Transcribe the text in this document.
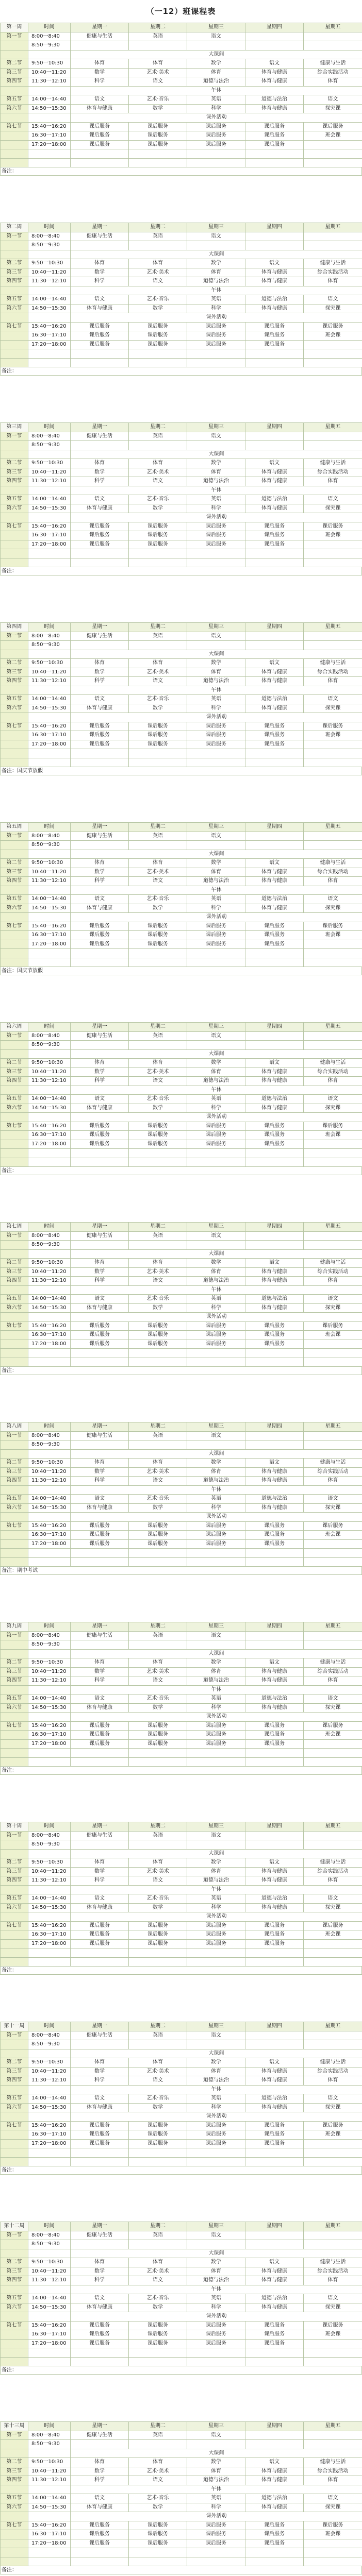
（一12）班课程表
第一周	时间	星期一	星期二	星期三	星期四	星期五
第一节	8:00一8:40	健康与生活	英语	语文		
	8:50一9:30					
		大课间				
第二节	9:50一10:30	体育	体育	数学	语文	健康与生活
第三节	10:40一11:20	数学	艺术·美术	体育	体育与健康	综合实践活动
第四节	11:30一12:10	科学	语文	道德与法治	体育与健康	体育
		午休				
第五节	14:00一14:40	语文	艺术·音乐	英语	道德与法治	语文
第六节	14:50一15:30	体育与健康	数学	科学	体育与健康	探究课
		课外活动				
第七节	15:40一16:20	课后服务	课后服务	课后服务	课后服务	课后服务
	16:30一17:10	课后服务	课后服务	课后服务	课后服务	班会课
	17:20一18:00	课后服务	课后服务	课后服务	课后服务	

备注：
第二周	时间	星期一	星期二	星期三	星期四	星期五
第一节	8:00一8:40	健康与生活	英语	语文		
	8:50一9:30					
		大课间				
第二节	9:50一10:30	体育	体育	数学	语文	健康与生活
第三节	10:40一11:20	数学	艺术·美术	体育	体育与健康	综合实践活动
第四节	11:30一12:10	科学	语文	道德与法治	体育与健康	体育
		午休				
第五节	14:00一14:40	语文	艺术·音乐	英语	道德与法治	语文
第六节	14:50一15:30	体育与健康	数学	科学	体育与健康	探究课
		课外活动				
第七节	15:40一16:20	课后服务	课后服务	课后服务	课后服务	课后服务
	16:30一17:10	课后服务	课后服务	课后服务	课后服务	班会课
	17:20一18:00	课后服务	课后服务	课后服务	课后服务	

备注：
第三周	时间	星期一	星期二	星期三	星期四	星期五
第一节	8:00一8:40	健康与生活	英语	语文		
	8:50一9:30					
		大课间				
第二节	9:50一10:30	体育	体育	数学	语文	健康与生活
第三节	10:40一11:20	数学	艺术·美术	体育	体育与健康	综合实践活动
第四节	11:30一12:10	科学	语文	道德与法治	体育与健康	体育
		午休				
第五节	14:00一14:40	语文	艺术·音乐	英语	道德与法治	语文
第六节	14:50一15:30	体育与健康	数学	科学	体育与健康	探究课
		课外活动				
第七节	15:40一16:20	课后服务	课后服务	课后服务	课后服务	课后服务
	16:30一17:10	课后服务	课后服务	课后服务	课后服务	班会课
	17:20一18:00	课后服务	课后服务	课后服务	课后服务	

备注：
第四周	时间	星期一	星期二	星期三	星期四	星期五
第一节	8:00一8:40	健康与生活	英语	语文		
	8:50一9:30					
		大课间				
第二节	9:50一10:30	体育	体育	数学	语文	健康与生活
第三节	10:40一11:20	数学	艺术·美术	体育	体育与健康	综合实践活动
第四节	11:30一12:10	科学	语文	道德与法治	体育与健康	体育
		午休				
第五节	14:00一14:40	语文	艺术·音乐	英语	道德与法治	语文
第六节	14:50一15:30	体育与健康	数学	科学	体育与健康	探究课
		课外活动				
第七节	15:40一16:20	课后服务	课后服务	课后服务	课后服务	课后服务
	16:30一17:10	课后服务	课后服务	课后服务	课后服务	班会课
	17:20一18:00	课后服务	课后服务	课后服务	课后服务	

备注：国庆节放假
第五周	时间	星期一	星期二	星期三	星期四	星期五
第一节	8:00一8:40	健康与生活	英语	语文		
	8:50一9:30					
		大课间				
第二节	9:50一10:30	体育	体育	数学	语文	健康与生活
第三节	10:40一11:20	数学	艺术·美术	体育	体育与健康	综合实践活动
第四节	11:30一12:10	科学	语文	道德与法治	体育与健康	体育
		午休				
第五节	14:00一14:40	语文	艺术·音乐	英语	道德与法治	语文
第六节	14:50一15:30	体育与健康	数学	科学	体育与健康	探究课
		课外活动				
第七节	15:40一16:20	课后服务	课后服务	课后服务	课后服务	课后服务
	16:30一17:10	课后服务	课后服务	课后服务	课后服务	班会课
	17:20一18:00	课后服务	课后服务	课后服务	课后服务	

备注：国庆节放假
第六周	时间	星期一	星期二	星期三	星期四	星期五
第一节	8:00一8:40	健康与生活	英语	语文		
	8:50一9:30					
		大课间				
第二节	9:50一10:30	体育	体育	数学	语文	健康与生活
第三节	10:40一11:20	数学	艺术·美术	体育	体育与健康	综合实践活动
第四节	11:30一12:10	科学	语文	道德与法治	体育与健康	体育
		午休				
第五节	14:00一14:40	语文	艺术·音乐	英语	道德与法治	语文
第六节	14:50一15:30	体育与健康	数学	科学	体育与健康	探究课
		课外活动				
第七节	15:40一16:20	课后服务	课后服务	课后服务	课后服务	课后服务
	16:30一17:10	课后服务	课后服务	课后服务	课后服务	班会课
	17:20一18:00	课后服务	课后服务	课后服务	课后服务	

备注：
第七周	时间	星期一	星期二	星期三	星期四	星期五
第一节	8:00一8:40	健康与生活	英语	语文		
	8:50一9:30					
		大课间				
第二节	9:50一10:30	体育	体育	数学	语文	健康与生活
第三节	10:40一11:20	数学	艺术·美术	体育	体育与健康	综合实践活动
第四节	11:30一12:10	科学	语文	道德与法治	体育与健康	体育
		午休				
第五节	14:00一14:40	语文	艺术·音乐	英语	道德与法治	语文
第六节	14:50一15:30	体育与健康	数学	科学	体育与健康	探究课
		课外活动				
第七节	15:40一16:20	课后服务	课后服务	课后服务	课后服务	课后服务
	16:30一17:10	课后服务	课后服务	课后服务	课后服务	班会课
	17:20一18:00	课后服务	课后服务	课后服务	课后服务	

备注：
第八周	时间	星期一	星期二	星期三	星期四	星期五
第一节	8:00一8:40	健康与生活	英语	语文		
	8:50一9:30					
		大课间				
第二节	9:50一10:30	体育	体育	数学	语文	健康与生活
第三节	10:40一11:20	数学	艺术·美术	体育	体育与健康	综合实践活动
第四节	11:30一12:10	科学	语文	道德与法治	体育与健康	体育
		午休				
第五节	14:00一14:40	语文	艺术·音乐	英语	道德与法治	语文
第六节	14:50一15:30	体育与健康	数学	科学	体育与健康	探究课
		课外活动				
第七节	15:40一16:20	课后服务	课后服务	课后服务	课后服务	课后服务
	16:30一17:10	课后服务	课后服务	课后服务	课后服务	班会课
	17:20一18:00	课后服务	课后服务	课后服务	课后服务	

备注：期中考试
第九周	时间	星期一	星期二	星期三	星期四	星期五
第一节	8:00一8:40	健康与生活	英语	语文		
	8:50一9:30					
		大课间				
第二节	9:50一10:30	体育	体育	数学	语文	健康与生活
第三节	10:40一11:20	数学	艺术·美术	体育	体育与健康	综合实践活动
第四节	11:30一12:10	科学	语文	道德与法治	体育与健康	体育
		午休				
第五节	14:00一14:40	语文	艺术·音乐	英语	道德与法治	语文
第六节	14:50一15:30	体育与健康	数学	科学	体育与健康	探究课
		课外活动				
第七节	15:40一16:20	课后服务	课后服务	课后服务	课后服务	课后服务
	16:30一17:10	课后服务	课后服务	课后服务	课后服务	班会课
	17:20一18:00	课后服务	课后服务	课后服务	课后服务	

备注：
第十周	时间	星期一	星期二	星期三	星期四	星期五
第一节	8:00一8:40	健康与生活	英语	语文		
	8:50一9:30					
		大课间				
第二节	9:50一10:30	体育	体育	数学	语文	健康与生活
第三节	10:40一11:20	数学	艺术·美术	体育	体育与健康	综合实践活动
第四节	11:30一12:10	科学	语文	道德与法治	体育与健康	体育
		午休				
第五节	14:00一14:40	语文	艺术·音乐	英语	道德与法治	语文
第六节	14:50一15:30	体育与健康	数学	科学	体育与健康	探究课
		课外活动				
第七节	15:40一16:20	课后服务	课后服务	课后服务	课后服务	课后服务
	16:30一17:10	课后服务	课后服务	课后服务	课后服务	班会课
	17:20一18:00	课后服务	课后服务	课后服务	课后服务	

备注：
第十一周	时间	星期一	星期二	星期三	星期四	星期五
第一节	8:00一8:40	健康与生活	英语	语文		
	8:50一9:30					
		大课间				
第二节	9:50一10:30	体育	体育	数学	语文	健康与生活
第三节	10:40一11:20	数学	艺术·美术	体育	体育与健康	综合实践活动
第四节	11:30一12:10	科学	语文	道德与法治	体育与健康	体育
		午休				
第五节	14:00一14:40	语文	艺术·音乐	英语	道德与法治	语文
第六节	14:50一15:30	体育与健康	数学	科学	体育与健康	探究课
		课外活动				
第七节	15:40一16:20	课后服务	课后服务	课后服务	课后服务	课后服务
	16:30一17:10	课后服务	课后服务	课后服务	课后服务	班会课
	17:20一18:00	课后服务	课后服务	课后服务	课后服务	

备注：
第十二周	时间	星期一	星期二	星期三	星期四	星期五
第一节	8:00一8:40	健康与生活	英语	语文		
	8:50一9:30					
		大课间				
第二节	9:50一10:30	体育	体育	数学	语文	健康与生活
第三节	10:40一11:20	数学	艺术·美术	体育	体育与健康	综合实践活动
第四节	11:30一12:10	科学	语文	道德与法治	体育与健康	体育
		午休				
第五节	14:00一14:40	语文	艺术·音乐	英语	道德与法治	语文
第六节	14:50一15:30	体育与健康	数学	科学	体育与健康	探究课
		课外活动				
第七节	15:40一16:20	课后服务	课后服务	课后服务	课后服务	课后服务
	16:30一17:10	课后服务	课后服务	课后服务	课后服务	班会课
	17:20一18:00	课后服务	课后服务	课后服务	课后服务	

备注：
第十三周	时间	星期一	星期二	星期三	星期四	星期五
第一节	8:00一8:40	健康与生活	英语	语文		
	8:50一9:30					
		大课间				
第二节	9:50一10:30	体育	体育	数学	语文	健康与生活
第三节	10:40一11:20	数学	艺术·美术	体育	体育与健康	综合实践活动
第四节	11:30一12:10	科学	语文	道德与法治	体育与健康	体育
		午休				
第五节	14:00一14:40	语文	艺术·音乐	英语	道德与法治	语文
第六节	14:50一15:30	体育与健康	数学	科学	体育与健康	探究课
		课外活动				
第七节	15:40一16:20	课后服务	课后服务	课后服务	课后服务	课后服务
	16:30一17:10	课后服务	课后服务	课后服务	课后服务	班会课
	17:20一18:00	课后服务	课后服务	课后服务	课后服务	

备注：
